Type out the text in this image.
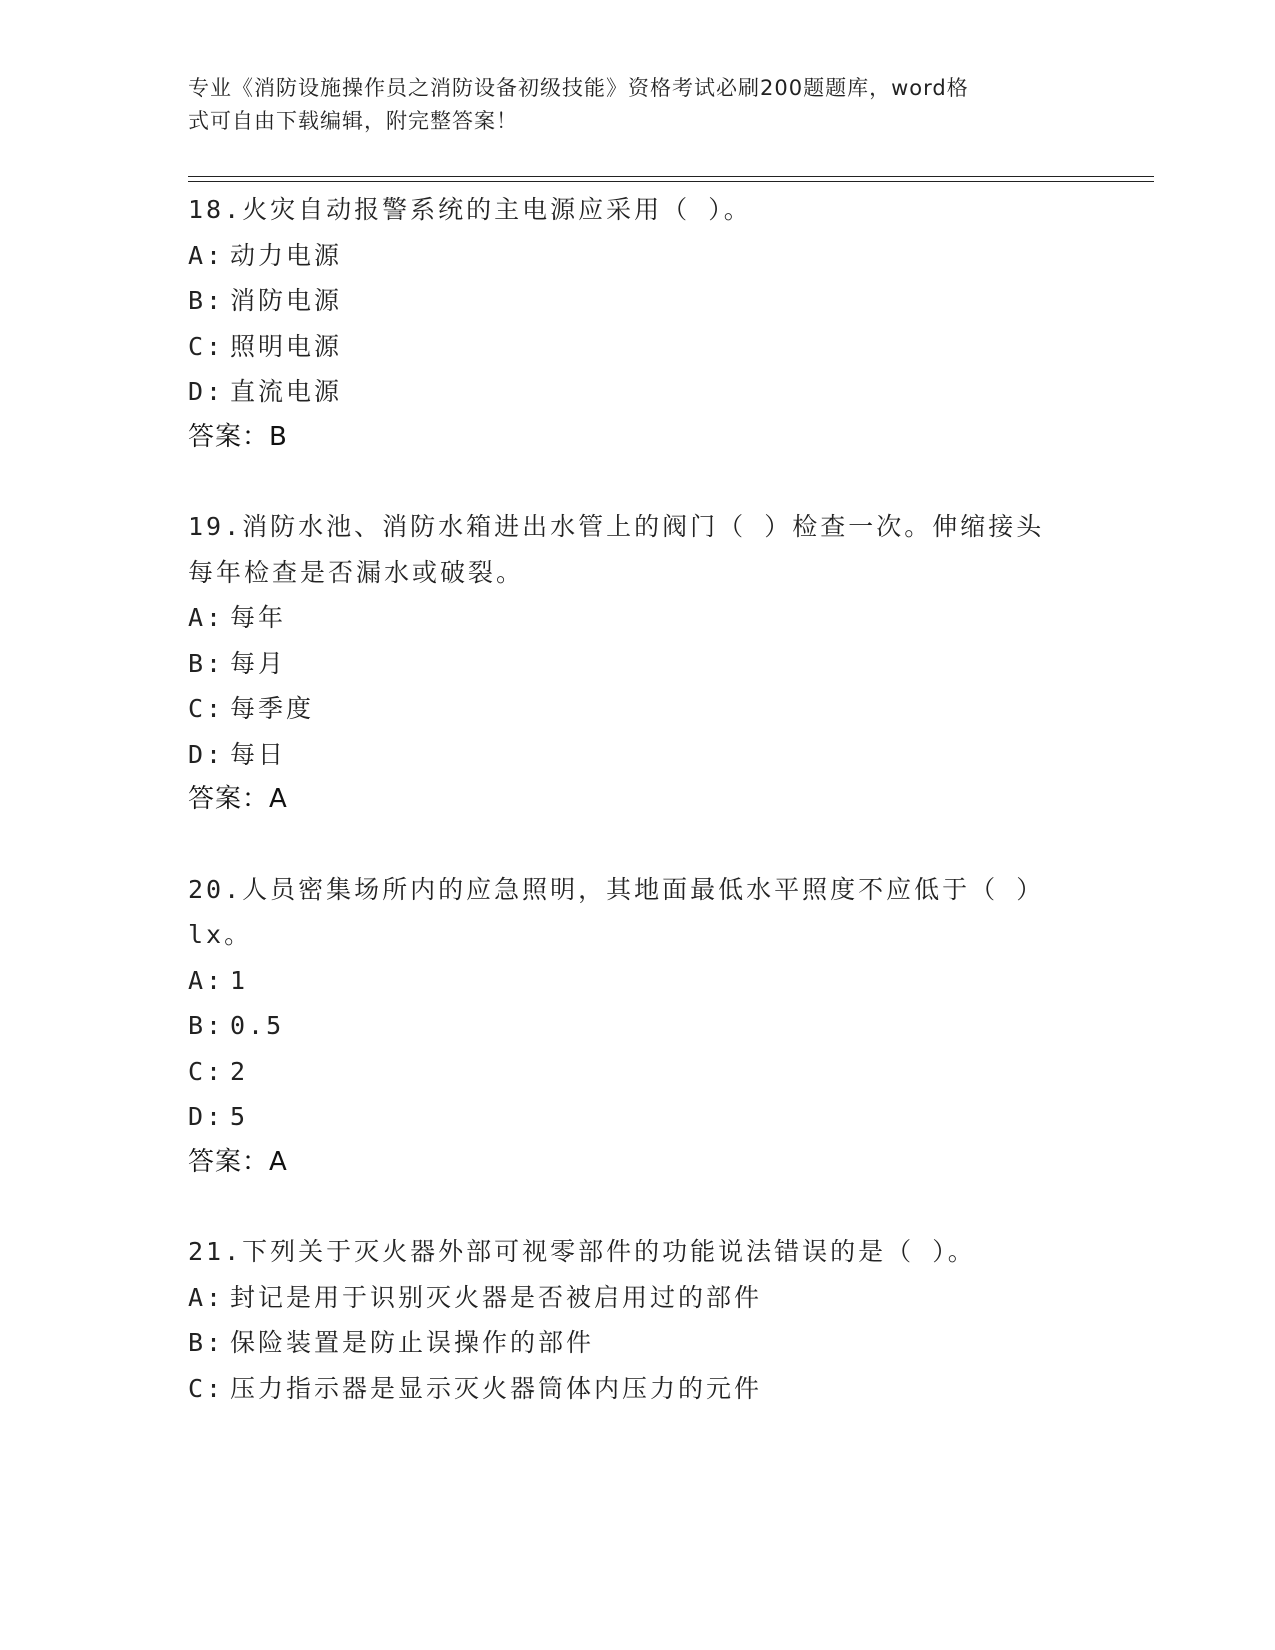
专业《消防设施操作员之消防设备初级技能》资格考试必刷200题题库，word格
式可自由下载编辑，附完整答案！
18.火灾自动报警系统的主电源应采用（ ）。
A: 动力电源
B: 消防电源
C: 照明电源
D: 直流电源
答案：B
19.消防水池、消防水箱进出水管上的阀门（ ）检查一次。伸缩接头
每年检查是否漏水或破裂。
A: 每年
B: 每月
C: 每季度
D: 每日
答案：A
20.人员密集场所内的应急照明，其地面最低水平照度不应低于（ ）
lx。
A: 1
B: 0.5
C: 2
D: 5
答案：A
21.下列关于灭火器外部可视零部件的功能说法错误的是（ ）。
A: 封记是用于识别灭火器是否被启用过的部件
B: 保险装置是防止误操作的部件
C: 压力指示器是显示灭火器筒体内压力的元件
